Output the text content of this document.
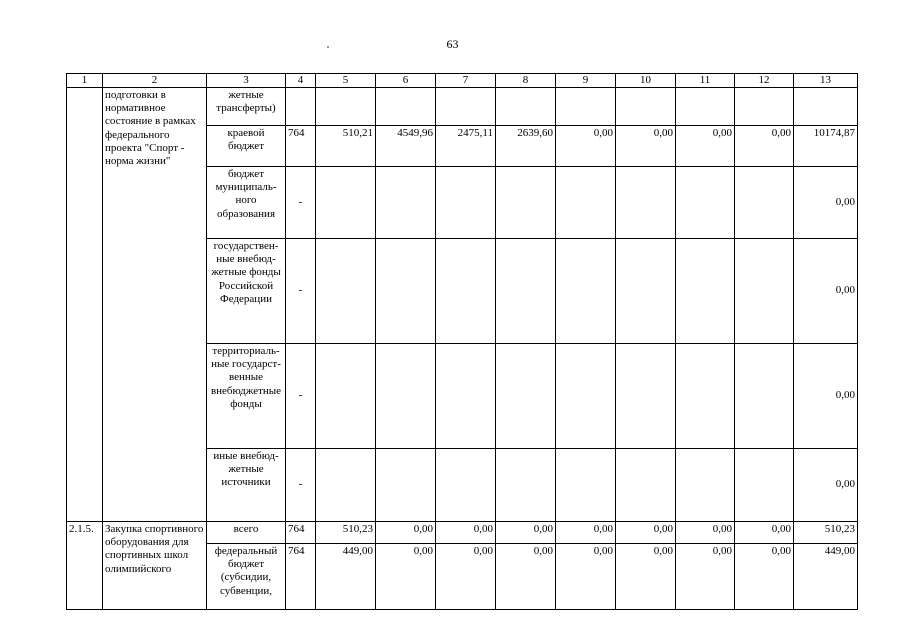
63
1	2	3	4	5	6	7	8	9	10	11	12	13
	подготовки в нормативное состояние в рамках федерального проекта "Спорт - норма жизни"	жетные трансферты)										
		краевой бюджет	764	510,21	4549,96	2475,11	2639,60	0,00	0,00	0,00	0,00	10174,87
		бюджет муниципаль-ного образования	-									0,00
		государствен-ные внебюд-жетные фонды Российской Федерации	-									0,00
		территориаль-ные государст-венные внебюджетные фонды	-									0,00
		иные внебюд-жетные источники	-									0,00
2.1.5.	Закупка спортивного оборудования для спортивных школ олимпийского	всего	764	510,23	0,00	0,00	0,00	0,00	0,00	0,00	0,00	510,23
		федеральный бюджет (субсидии, субвенции,	764	449,00	0,00	0,00	0,00	0,00	0,00	0,00	0,00	449,00
